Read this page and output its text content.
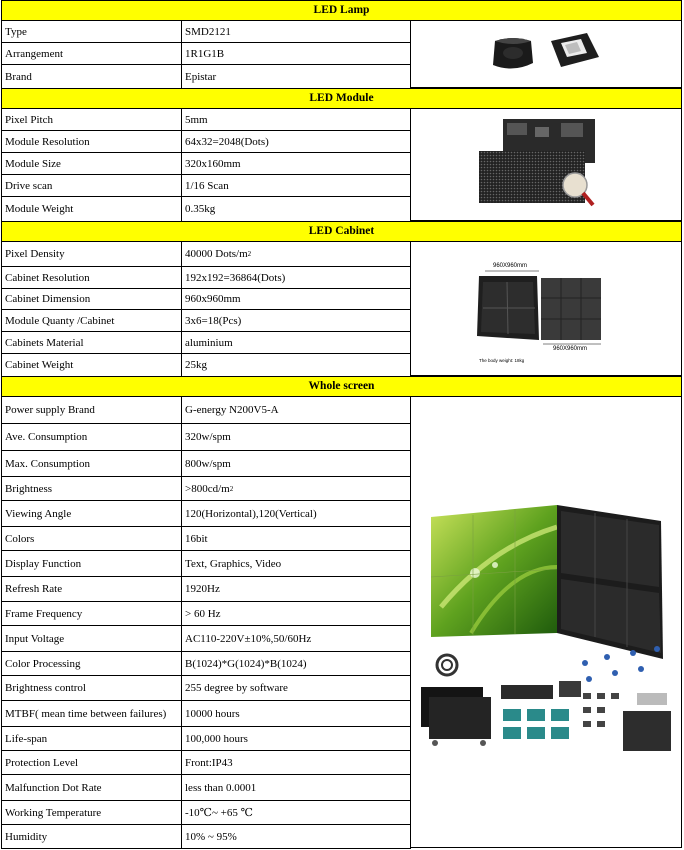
LED Lamp
Type	SMD2121
Arrangement	1R1G1B
Brand	Epistar
LED Module
Pixel Pitch	5mm
Module Resolution	64x32=2048(Dots)
Module Size	320x160mm
Drive scan	1/16 Scan
Module Weight	0.35kg
LED Cabinet
Pixel Density	40000 Dots/m 2
Cabinet Resolution	192x192=36864(Dots)
Cabinet Dimension	960x960mm
Module Quanty /Cabinet	3x6=18(Pcs)
Cabinets Material	aluminium
Cabinet Weight	25kg
960X960mm
960X960mm
The body weight: 18kg
Whole screen
Power supply Brand	G-energy N200V5-A
Ave. Consumption	320w/spm
Max. Consumption	800w/spm
Brightness	>800cd/m 2
Viewing Angle	120(Horizontal),120(Vertical)
Colors	16bit
Display Function	Text, Graphics, Video
Refresh Rate	1920Hz
Frame Frequency	> 60 Hz
Input Voltage	AC110-220V±10%,50/60Hz
Color Processing	B(1024)*G(1024)*B(1024)
Brightness control	255 degree by software
MTBF( mean time between failures)	10000 hours
Life-span	100,000 hours
Protection Level	Front:IP43
Malfunction Dot Rate	less than 0.0001
Working Temperature	-10℃~ +65 ℃
Humidity	10% ~ 95%
